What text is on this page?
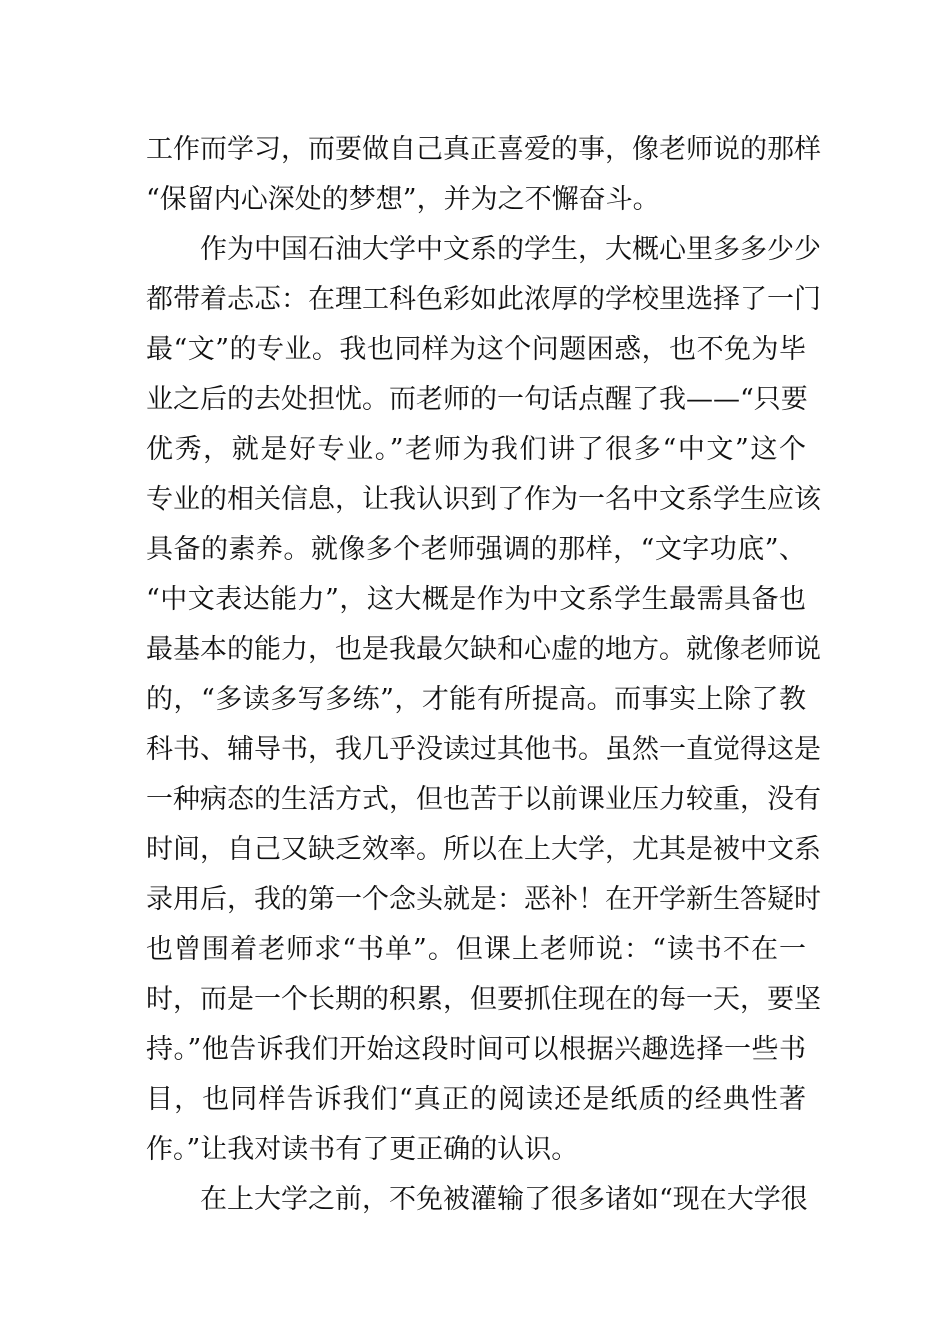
工作而学习，而要做自己真正喜爱的事，像老师说的那样
“保留内心深处的梦想”，并为之不懈奋斗。
作为中国石油大学中文系的学生，大概心里多多少少
都带着忐忑：在理工科色彩如此浓厚的学校里选择了一门
最“文”的专业。我也同样为这个问题困惑，也不免为毕
业之后的去处担忧。而老师的一句话点醒了我——“只要
优秀，就是好专业。”老师为我们讲了很多“中文”这个
专业的相关信息，让我认识到了作为一名中文系学生应该
具备的素养。就像多个老师强调的那样，“文字功底”、
“中文表达能力”，这大概是作为中文系学生最需具备也
最基本的能力，也是我最欠缺和心虚的地方。就像老师说
的，“多读多写多练”，才能有所提高。而事实上除了教
科书、辅导书，我几乎没读过其他书。虽然一直觉得这是
一种病态的生活方式，但也苦于以前课业压力较重，没有
时间，自己又缺乏效率。所以在上大学，尤其是被中文系
录用后，我的第一个念头就是：恶补！在开学新生答疑时
也曾围着老师求“书单”。但课上老师说：“读书不在一
时，而是一个长期的积累，但要抓住现在的每一天，要坚
持。”他告诉我们开始这段时间可以根据兴趣选择一些书
目，也同样告诉我们“真正的阅读还是纸质的经典性著
作。”让我对读书有了更正确的认识。
在上大学之前，不免被灌输了很多诸如“现在大学很
